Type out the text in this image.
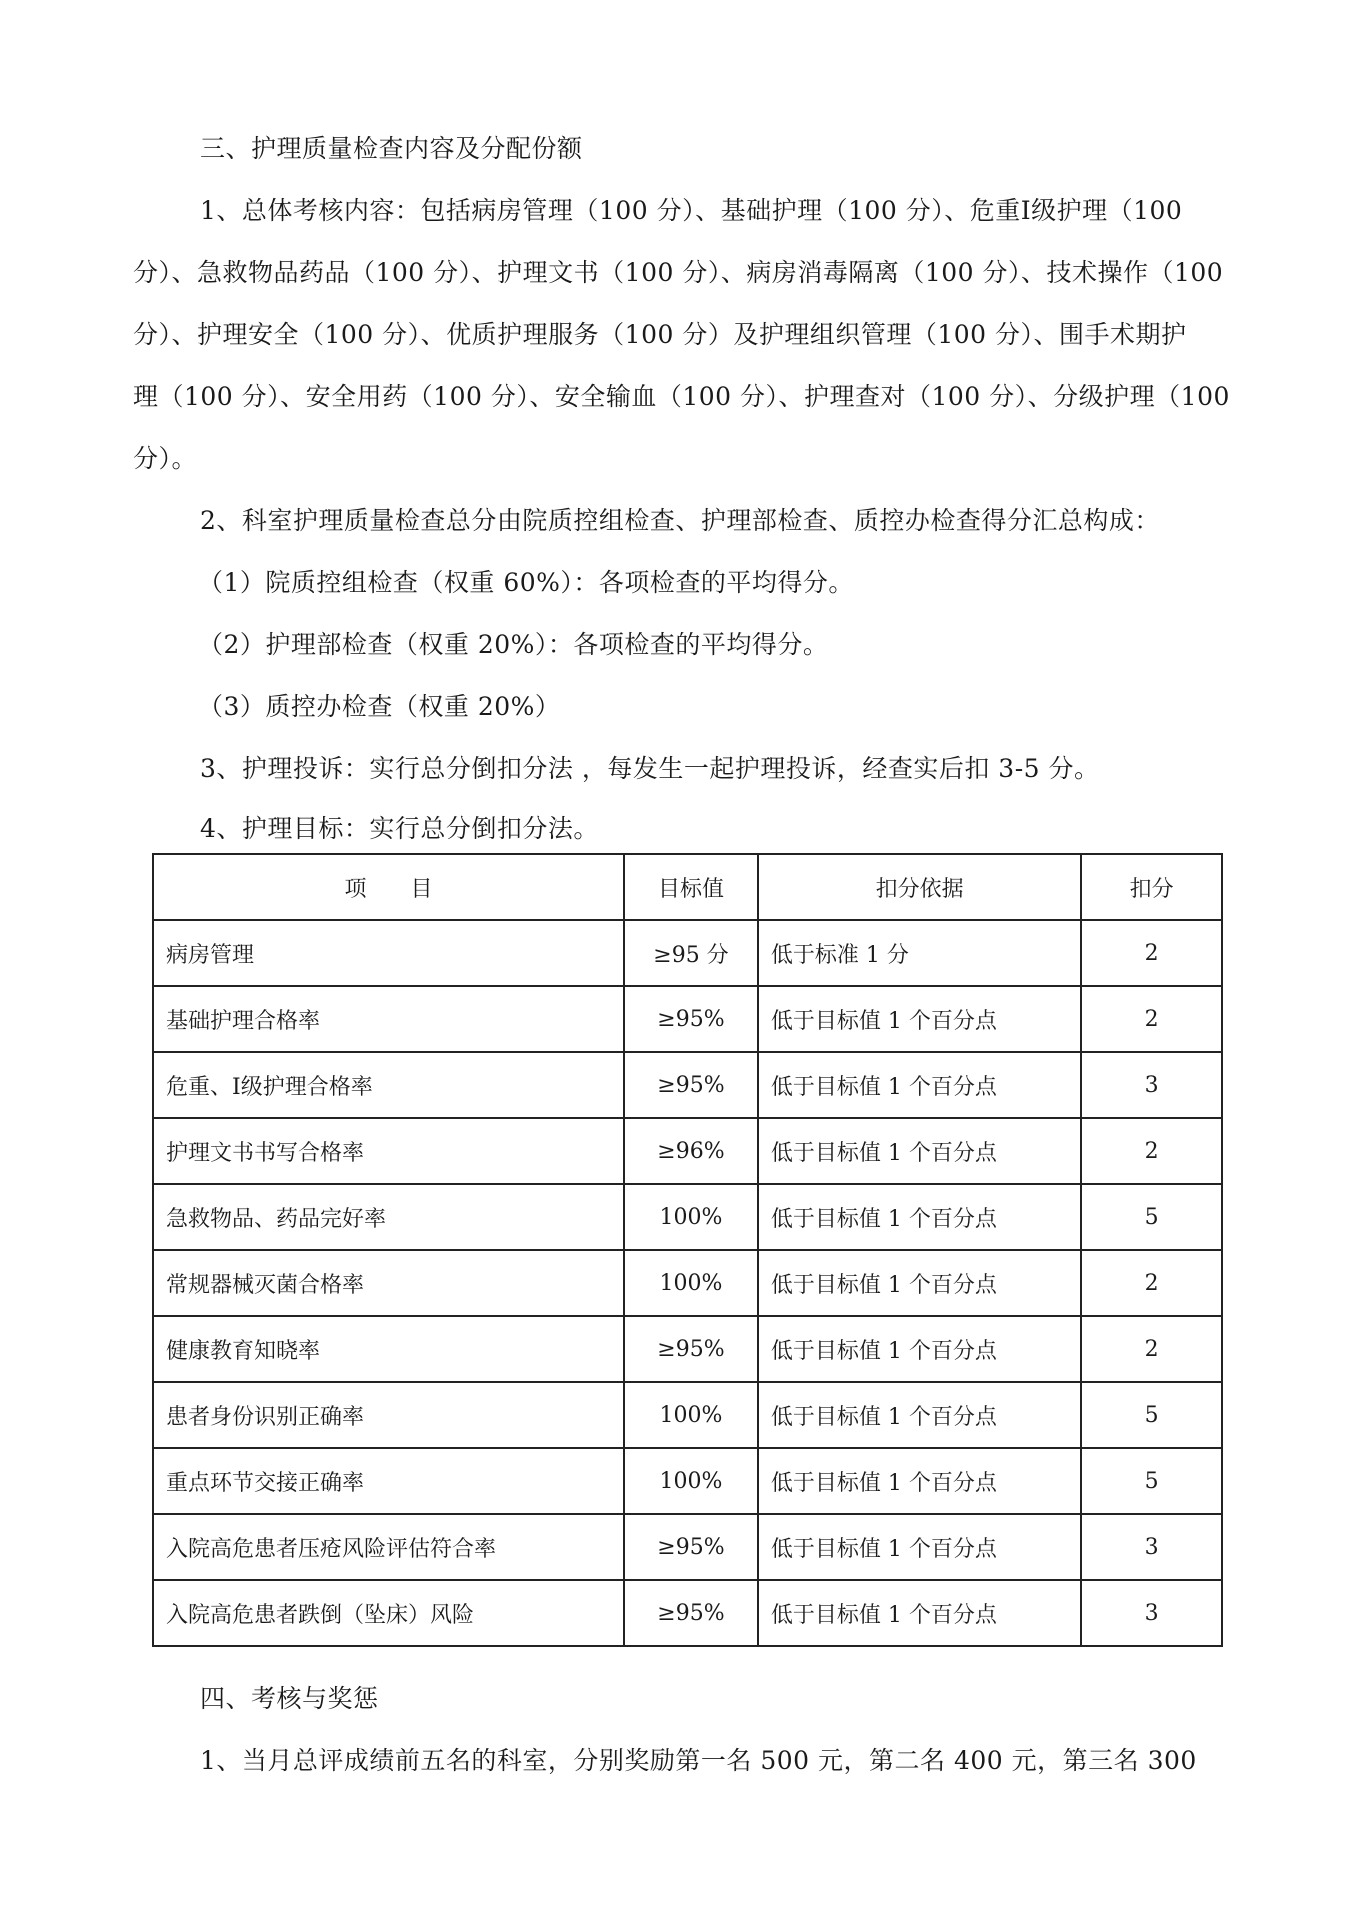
三、护理质量检查内容及分配份额
1、总体考核内容：包括病房管理（100 分）、基础护理（100 分）、危重Ⅰ级护理（100
分）、急救物品药品（100 分）、护理文书（100 分）、病房消毒隔离（100 分）、技术操作（100
分）、护理安全（100 分）、优质护理服务（100 分）及护理组织管理（100 分）、围手术期护
理（100 分）、安全用药（100 分）、安全输血（100 分）、护理查对（100 分）、分级护理（100
分）。
2、科室护理质量检查总分由院质控组检查、护理部检查、质控办检查得分汇总构成：
（1）院质控组检查（权重 60%）：各项检查的平均得分。
（2）护理部检查（权重 20%）：各项检查的平均得分。
（3）质控办检查（权重 20%）
3、护理投诉：实行总分倒扣分法 ，每发生一起护理投诉，经查实后扣 3-5 分。
4、护理目标：实行总分倒扣分法。
项　　目	目标值	扣分依据	扣分
病房管理	≥95 分	低于标准 1 分	2
基础护理合格率	≥95%	低于目标值 1 个百分点	2
危重、Ⅰ级护理合格率	≥95%	低于目标值 1 个百分点	3
护理文书书写合格率	≥96%	低于目标值 1 个百分点	2
急救物品、药品完好率	100%	低于目标值 1 个百分点	5
常规器械灭菌合格率	100%	低于目标值 1 个百分点	2
健康教育知晓率	≥95%	低于目标值 1 个百分点	2
患者身份识别正确率	100%	低于目标值 1 个百分点	5
重点环节交接正确率	100%	低于目标值 1 个百分点	5
入院高危患者压疮风险评估符合率	≥95%	低于目标值 1 个百分点	3
入院高危患者跌倒（坠床）风险	≥95%	低于目标值 1 个百分点	3
四、考核与奖惩
1、当月总评成绩前五名的科室，分别奖励第一名 500 元，第二名 400 元，第三名 300
